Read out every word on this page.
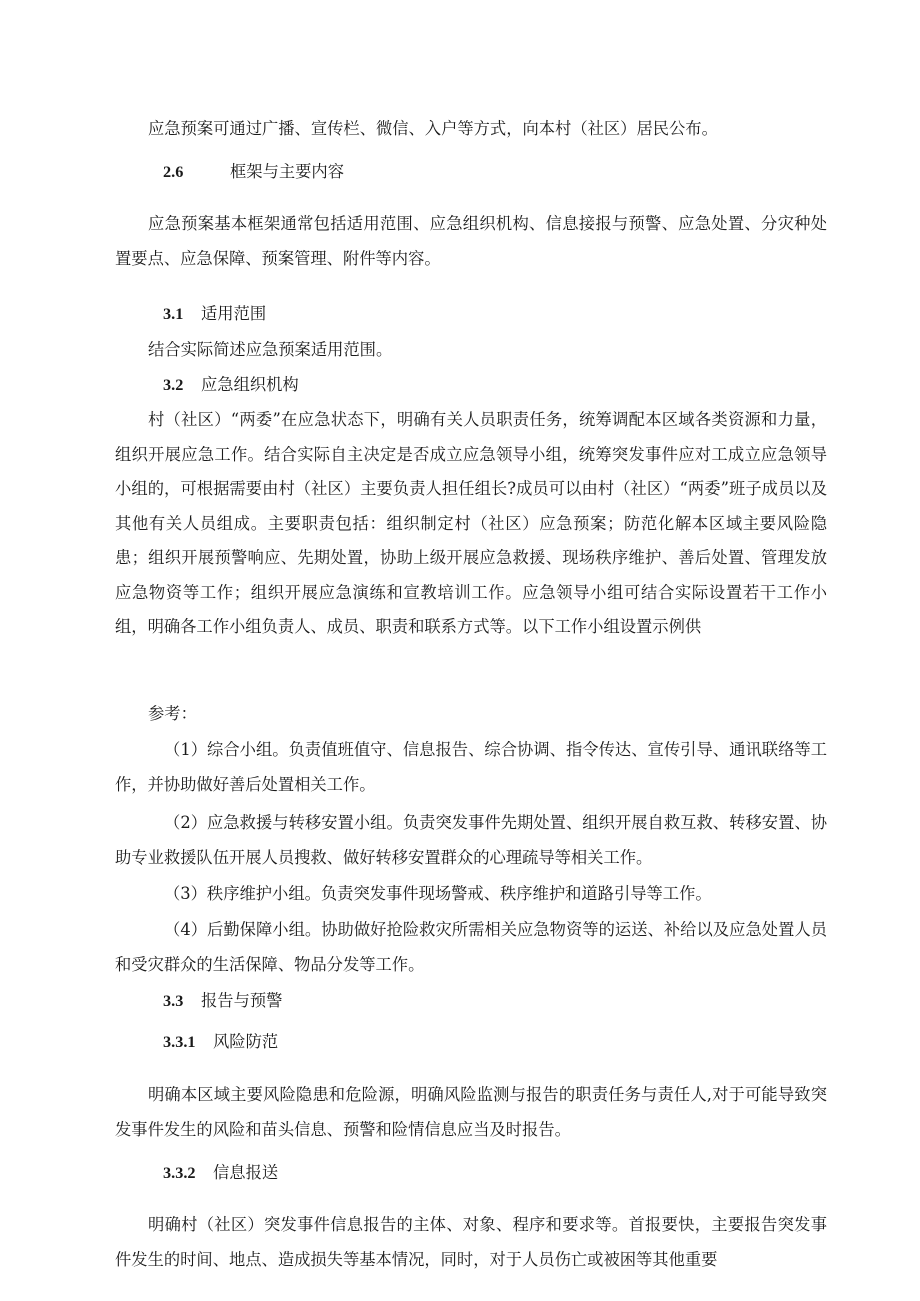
应急预案可通过广播、宣传栏、微信、入户等方式，向本村（社区）居民公布。

2.6	框架与主要内容

应急预案基本框架通常包括适用范围、应急组织机构、信息接报与预警、应急处置、分灾种处置要点、应急保障、预案管理、附件等内容。

3.1 适用范围

结合实际简述应急预案适用范围。

3.2 应急组织机构

村（社区）“两委”在应急状态下，明确有关人员职责任务，统筹调配本区域各类资源和力量，组织开展应急工作。结合实际自主决定是否成立应急领导小组，统筹突发事件应对工成立应急领导小组的，可根据需要由村（社区）主要负责人担任组长?成员可以由村（社区）“两委”班子成员以及其他有关人员组成。主要职责包括：组织制定村（社区）应急预案；防范化解本区域主要风险隐患；组织开展预警响应、先期处置，协助上级开展应急救援、现场秩序维护、善后处置、管理发放应急物资等工作；组织开展应急演练和宣教培训工作。应急领导小组可结合实际设置若干工作小组，明确各工作小组负责人、成员、职责和联系方式等。以下工作小组设置示例供

参考：

（1）综合小组。负责值班值守、信息报告、综合协调、指令传达、宣传引导、通讯联络等工作，并协助做好善后处置相关工作。

（2）应急救援与转移安置小组。负责突发事件先期处置、组织开展自救互救、转移安置、协助专业救援队伍开展人员搜救、做好转移安置群众的心理疏导等相关工作。

（3）秩序维护小组。负责突发事件现场警戒、秩序维护和道路引导等工作。

（4）后勤保障小组。协助做好抢险救灾所需相关应急物资等的运送、补给以及应急处置人员和受灾群众的生活保障、物品分发等工作。

3.3 报告与预警
3.3.1 风险防范

明确本区域主要风险隐患和危险源，明确风险监测与报告的职责任务与责任人,对于可能导致突发事件发生的风险和苗头信息、预警和险情信息应当及时报告。

3.3.2 信息报送

明确村（社区）突发事件信息报告的主体、对象、程序和要求等。首报要快，主要报告突发事件发生的时间、地点、造成损失等基本情况，同时，对于人员伤亡或被困等其他重要
